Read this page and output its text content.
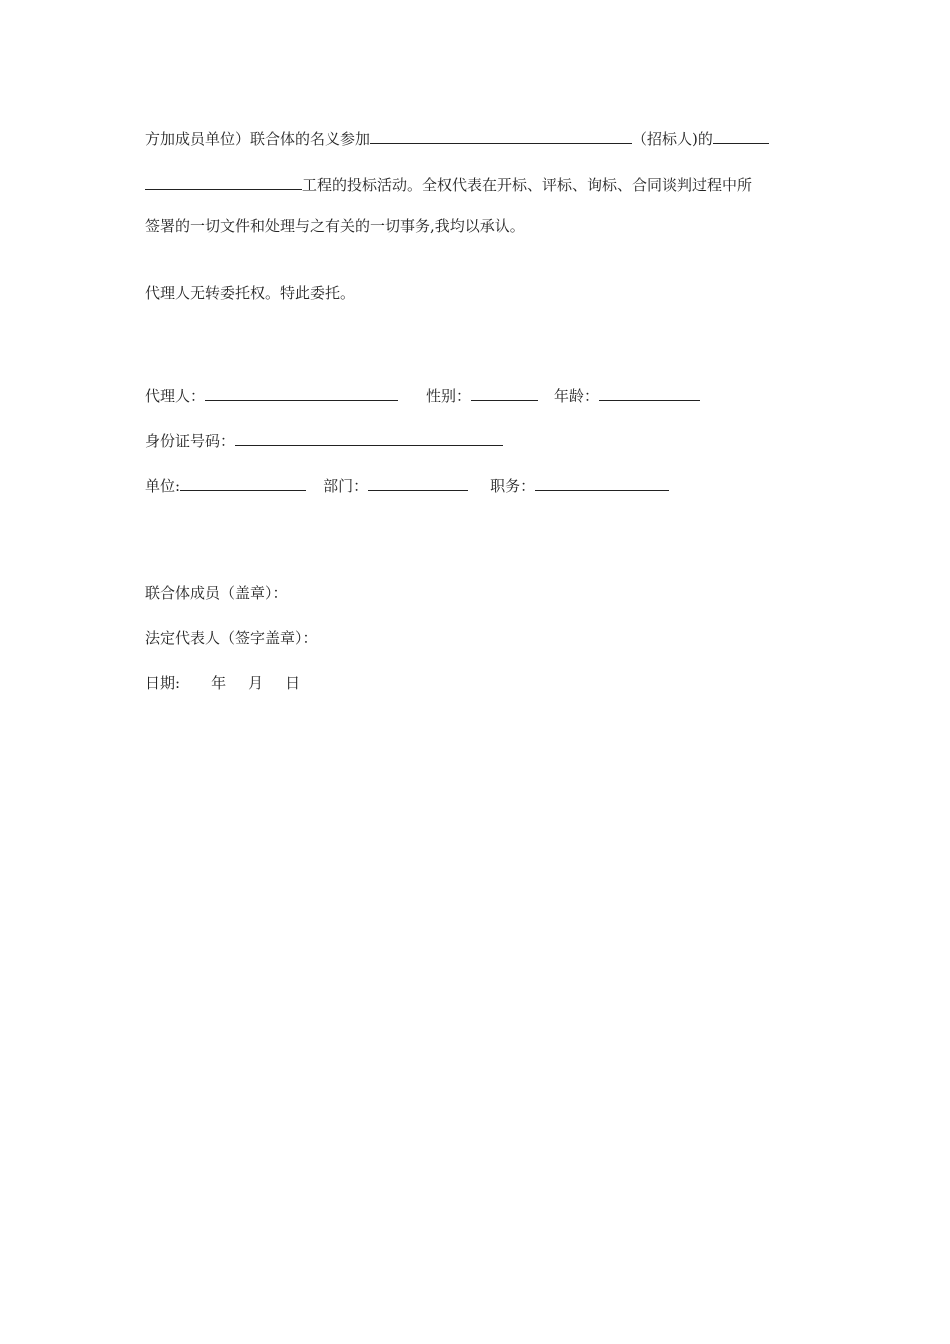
方加成员单位）联合体的名义参加	（招标人)的
工程的投标活动。全权代表在开标、评标、询标、合同谈判过程中所
签署的一切文件和处理与之有关的一切事务,我均以承认。
代理人无转委托权。特此委托。
代理人：	性别：	年龄：
身份证号码：
单位:	部门：	职务：
联合体成员（盖章）：
法定代表人（签字盖章）：
日期: 年 月 日
